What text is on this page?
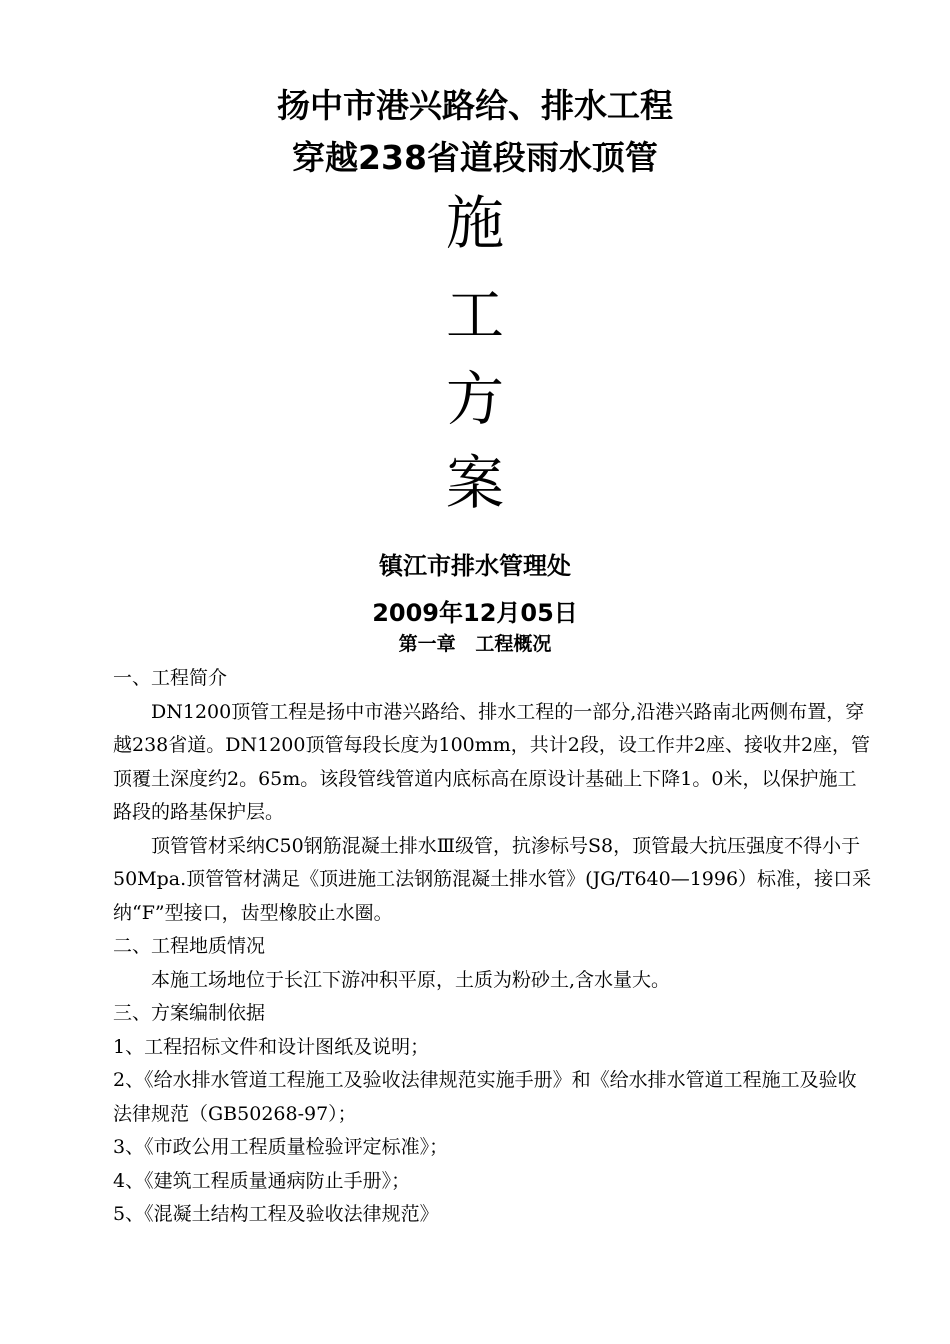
扬中市港兴路给、排水工程
穿越238省道段雨水顶管
施
工
方
案
镇江市排水管理处
2009年12月05日
第一章   工程概况

一、工程简介

DN1200顶管工程是扬中市港兴路给、排水工程的一部分,沿港兴路南北两侧布置，穿越238省道。DN1200顶管每段长度为100mm，共计2段，设工作井2座、接收井2座，管顶覆土深度约2。65m。该段管线管道内底标高在原设计基础上下降1。0米，以保护施工路段的路基保护层。

顶管管材采纳C50钢筋混凝土排水Ⅲ级管，抗渗标号S8，顶管最大抗压强度不得小于50Mpa.顶管管材满足《顶进施工法钢筋混凝土排水管》(JG/T640—1996）标准，接口采纳“F”型接口，齿型橡胶止水圈。

二、工程地质情况

本施工场地位于长江下游冲积平原，土质为粉砂土,含水量大。

三、方案编制依据

1、工程招标文件和设计图纸及说明；

2、《给水排水管道工程施工及验收法律规范实施手册》和《给水排水管道工程施工及验收法律规范（GB50268-97）；

3、《市政公用工程质量检验评定标准》；

4、《建筑工程质量通病防止手册》；

5、《混凝土结构工程及验收法律规范》
